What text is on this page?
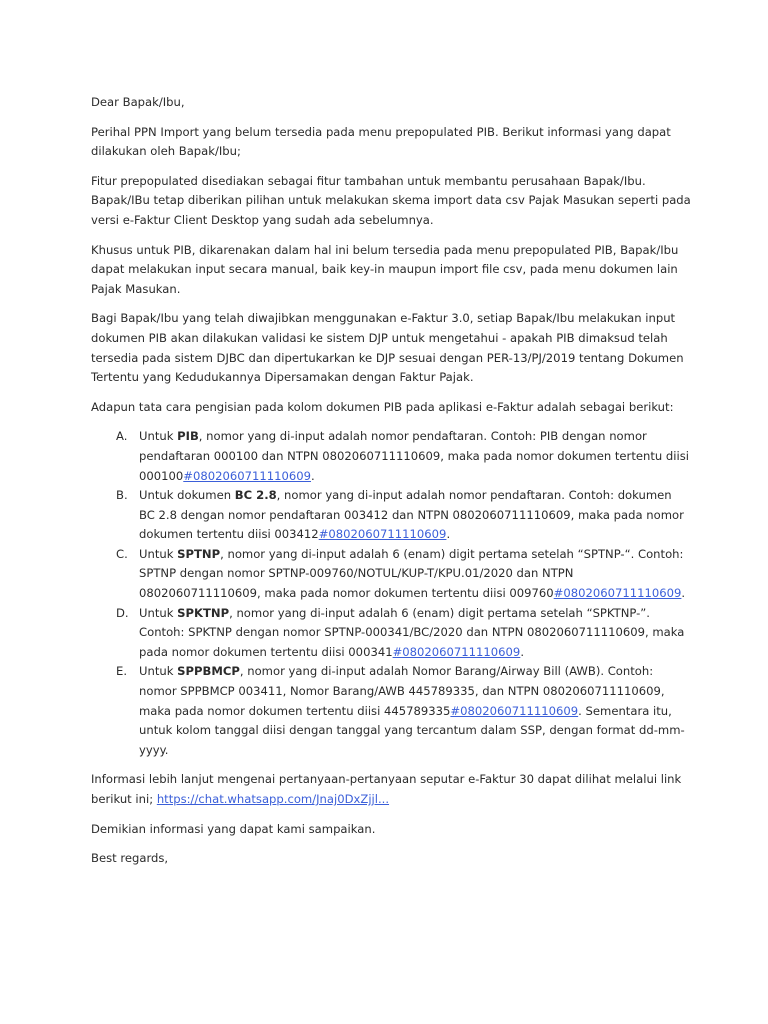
Dear Bapak/Ibu,

Perihal PPN Import yang belum tersedia pada menu prepopulated PIB. Berikut informasi yang dapat dilakukan oleh Bapak/Ibu;

Fitur prepopulated disediakan sebagai fitur tambahan untuk membantu perusahaan Bapak/Ibu. Bapak/IBu tetap diberikan pilihan untuk melakukan skema import data csv Pajak Masukan seperti pada versi e-Faktur Client Desktop yang sudah ada sebelumnya.

Khusus untuk PIB, dikarenakan dalam hal ini belum tersedia pada menu prepopulated PIB, Bapak/Ibu dapat melakukan input secara manual, baik key-in maupun import file csv, pada menu dokumen lain Pajak Masukan.

Bagi Bapak/Ibu yang telah diwajibkan menggunakan e-Faktur 3.0, setiap Bapak/Ibu melakukan input dokumen PIB akan dilakukan validasi ke sistem DJP untuk mengetahui - apakah PIB dimaksud telah tersedia pada sistem DJBC dan dipertukarkan ke DJP sesuai dengan PER-13/PJ/2019 tentang Dokumen Tertentu yang Kedudukannya Dipersamakan dengan Faktur Pajak.

Adapun tata cara pengisian pada kolom dokumen PIB pada aplikasi e-Faktur adalah sebagai berikut:

A. Untuk PIB, nomor yang di-input adalah nomor pendaftaran. Contoh: PIB dengan nomor pendaftaran 000100 dan NTPN 0802060711110609, maka pada nomor dokumen tertentu diisi 000100#0802060711110609.
B. Untuk dokumen BC 2.8, nomor yang di-input adalah nomor pendaftaran. Contoh: dokumen BC 2.8 dengan nomor pendaftaran 003412 dan NTPN 0802060711110609, maka pada nomor dokumen tertentu diisi 003412#0802060711110609.
C. Untuk SPTNP, nomor yang di-input adalah 6 (enam) digit pertama setelah “SPTNP-“. Contoh: SPTNP dengan nomor SPTNP-009760/NOTUL/KUP-T/KPU.01/2020 dan NTPN 0802060711110609, maka pada nomor dokumen tertentu diisi 009760#0802060711110609.
D. Untuk SPKTNP, nomor yang di-input adalah 6 (enam) digit pertama setelah “SPKTNP-”. Contoh: SPKTNP dengan nomor SPTNP-000341/BC/2020 dan NTPN 0802060711110609, maka pada nomor dokumen tertentu diisi 000341#0802060711110609.
E. Untuk SPPBMCP, nomor yang di-input adalah Nomor Barang/Airway Bill (AWB). Contoh: nomor SPPBMCP 003411, Nomor Barang/AWB 445789335, dan NTPN 0802060711110609, maka pada nomor dokumen tertentu diisi 445789335#0802060711110609. Sementara itu, untuk kolom tanggal diisi dengan tanggal yang tercantum dalam SSP, dengan format dd-mm-yyyy.

Informasi lebih lanjut mengenai pertanyaan-pertanyaan seputar e-Faktur 30 dapat dilihat melalui link berikut ini; https://chat.whatsapp.com/Jnaj0DxZjjl...

Demikian informasi yang dapat kami sampaikan.

Best regards,
